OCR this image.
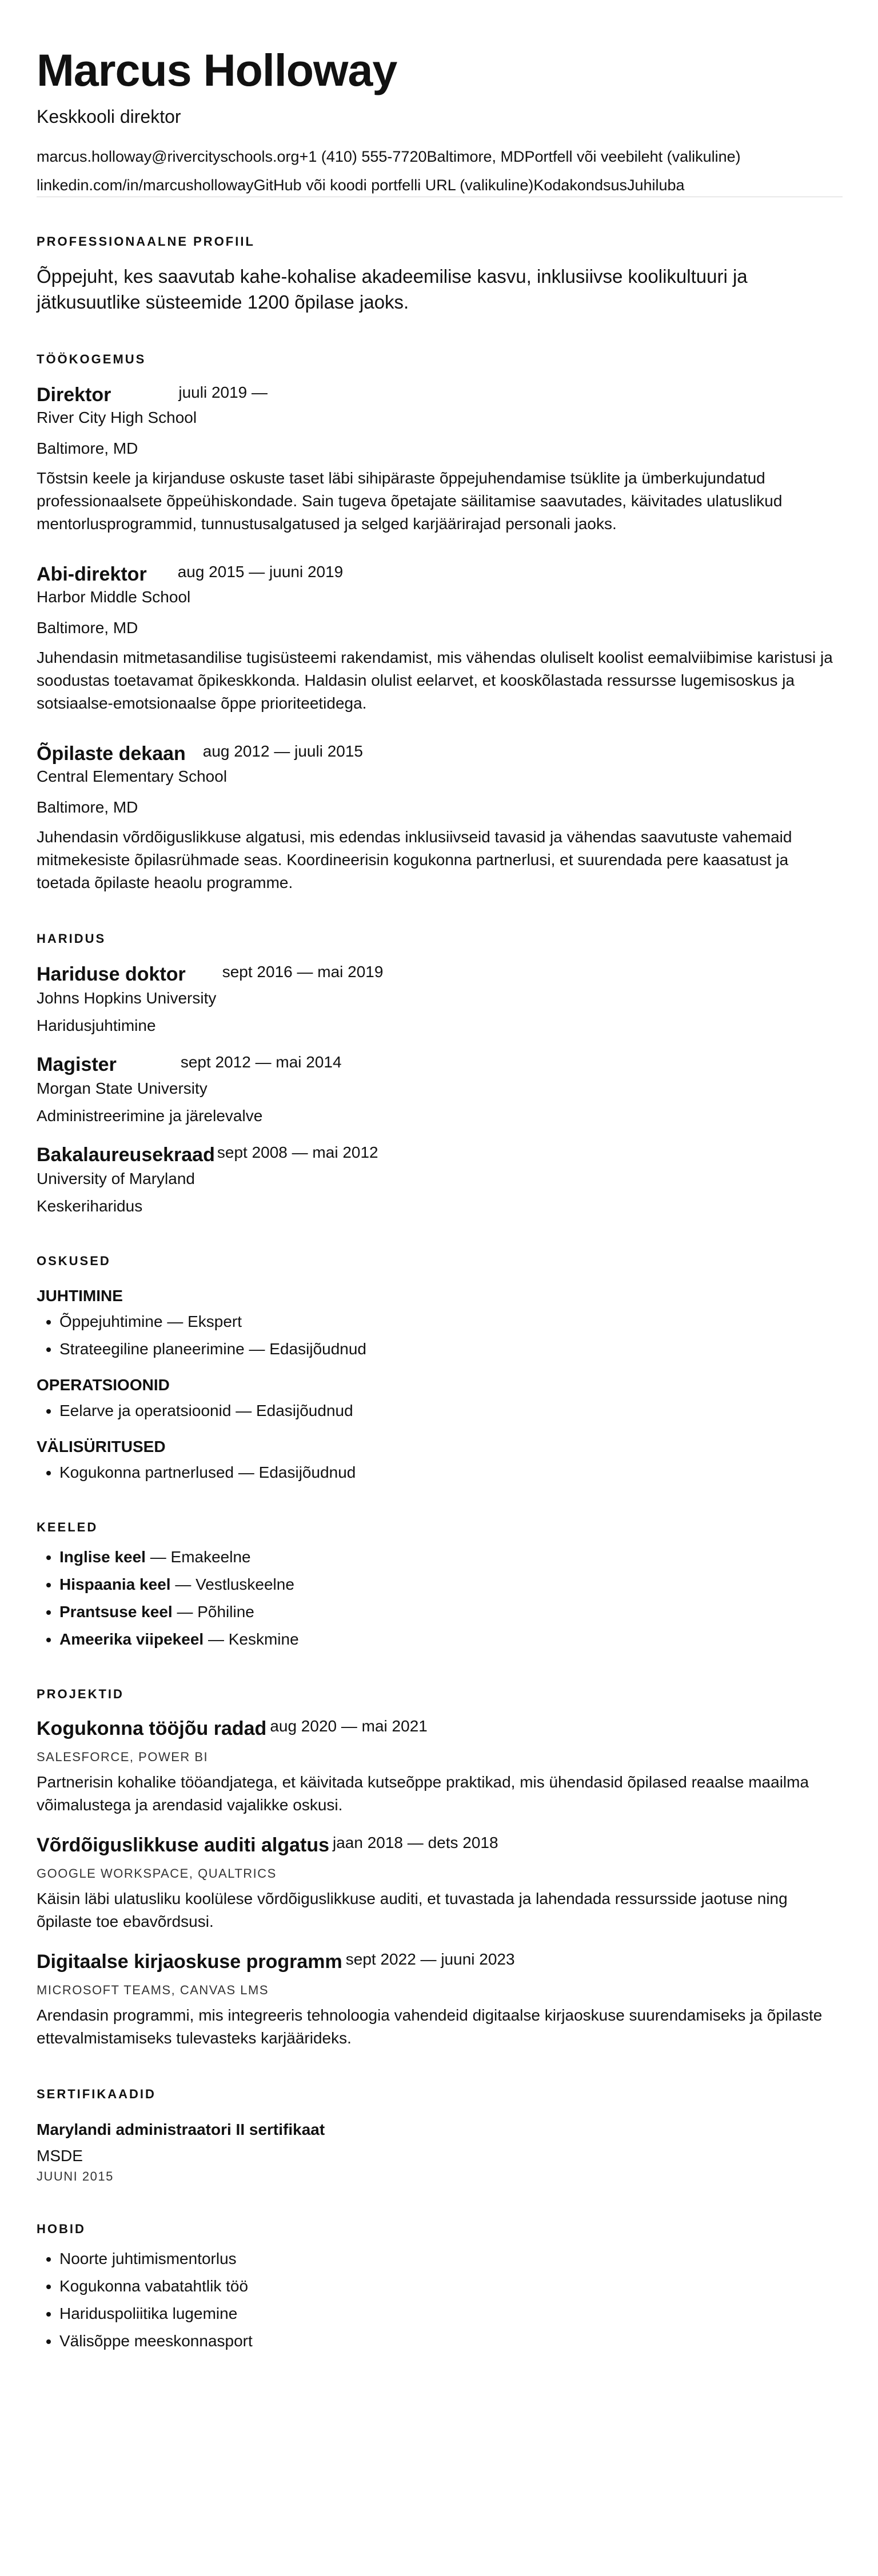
Marcus Holloway
Keskkooli direktor
marcus.holloway@rivercityschools.org+1 (410) 555-7720Baltimore, MDPortfell või veebileht (valikuline)
linkedin.com/in/marcushollowayGitHub või koodi portfelli URL (valikuline)KodakondsusJuhiluba
PROFESSIONAALNE PROFIIL
Õppejuht, kes saavutab kahe-kohalise akadeemilise kasvu, inklusiivse koolikultuuri ja jätkusuutlike süsteemide 1200 õpilase jaoks.
TÖÖKOGEMUS
Direktor	juuli 2019 —
River City High School
Baltimore, MD
Tõstsin keele ja kirjanduse oskuste taset läbi sihipäraste õppejuhendamise tsüklite ja ümberkujundatud professionaalsete õppeühiskondade. Sain tugeva õpetajate säilitamise saavutades, käivitades ulatuslikud mentorlusprogrammid, tunnustusalgatused ja selged karjäärirajad personali jaoks.
Abi-direktor aug 2015 — juuni 2019
Harbor Middle School
Baltimore, MD
Juhendasin mitmetasandilise tugisüsteemi rakendamist, mis vähendas oluliselt koolist eemalviibimise karistusi ja soodustas toetavamat õpikeskkonda. Haldasin olulist eelarvet, et kooskõlastada ressursse lugemisoskus ja sotsiaalse-emotsionaalse õppe prioriteetidega.
Õpilaste dekaan aug 2012 — juuli 2015
Central Elementary School
Baltimore, MD
Juhendasin võrdõiguslikkuse algatusi, mis edendas inklusiivseid tavasid ja vähendas saavutuste vahemaid mitmekesiste õpilasrühmade seas. Koordineerisin kogukonna partnerlusi, et suurendada pere kaasatust ja toetada õpilaste heaolu programme.
HARIDUS
Hariduse doktor sept 2016 — mai 2019
Johns Hopkins University
Haridusjuhtimine
Magister	sept 2012 — mai 2014
Morgan State University
Administreerimine ja järelevalve
Bakalaureusekraad sept 2008 — mai 2012
University of Maryland
Keskeriharidus
OSKUSED
JUHTIMINE
• Õppejuhtimine — Ekspert
• Strateegiline planeerimine — Edasijõudnud
OPERATSIOONID
• Eelarve ja operatsioonid — Edasijõudnud
VÄLISÜRITUSED
• Kogukonna partnerlused — Edasijõudnud
KEELED
• Inglise keel — Emakeelne
• Hispaania keel — Vestluskeelne
• Prantsuse keel — Põhiline
• Ameerika viipekeel — Keskmine
PROJEKTID
Kogukonna tööjõu radad aug 2020 — mai 2021
SALESFORCE, POWER BI
Partnerisin kohalike tööandjatega, et käivitada kutseõppe praktikad, mis ühendasid õpilased reaalse maailma võimalustega ja arendasid vajalikke oskusi.
Võrdõiguslikkuse auditi algatus jaan 2018 — dets 2018
GOOGLE WORKSPACE, QUALTRICS
Käisin läbi ulatusliku koolülese võrdõiguslikkuse auditi, et tuvastada ja lahendada ressursside jaotuse ning õpilaste toe ebavõrdsusi.
Digitaalse kirjaoskuse programm sept 2022 — juuni 2023
MICROSOFT TEAMS, CANVAS LMS
Arendasin programmi, mis integreeris tehnoloogia vahendeid digitaalse kirjaoskuse suurendamiseks ja õpilaste ettevalmistamiseks tulevasteks karjäärideks.
SERTIFIKAADID
Marylandi administraatori II sertifikaat
MSDE
JUUNI 2015
HOBID
• Noorte juhtimismentorlus
• Kogukonna vabatahtlik töö
• Hariduspoliitika lugemine
• Välisõppe meeskonnasport
